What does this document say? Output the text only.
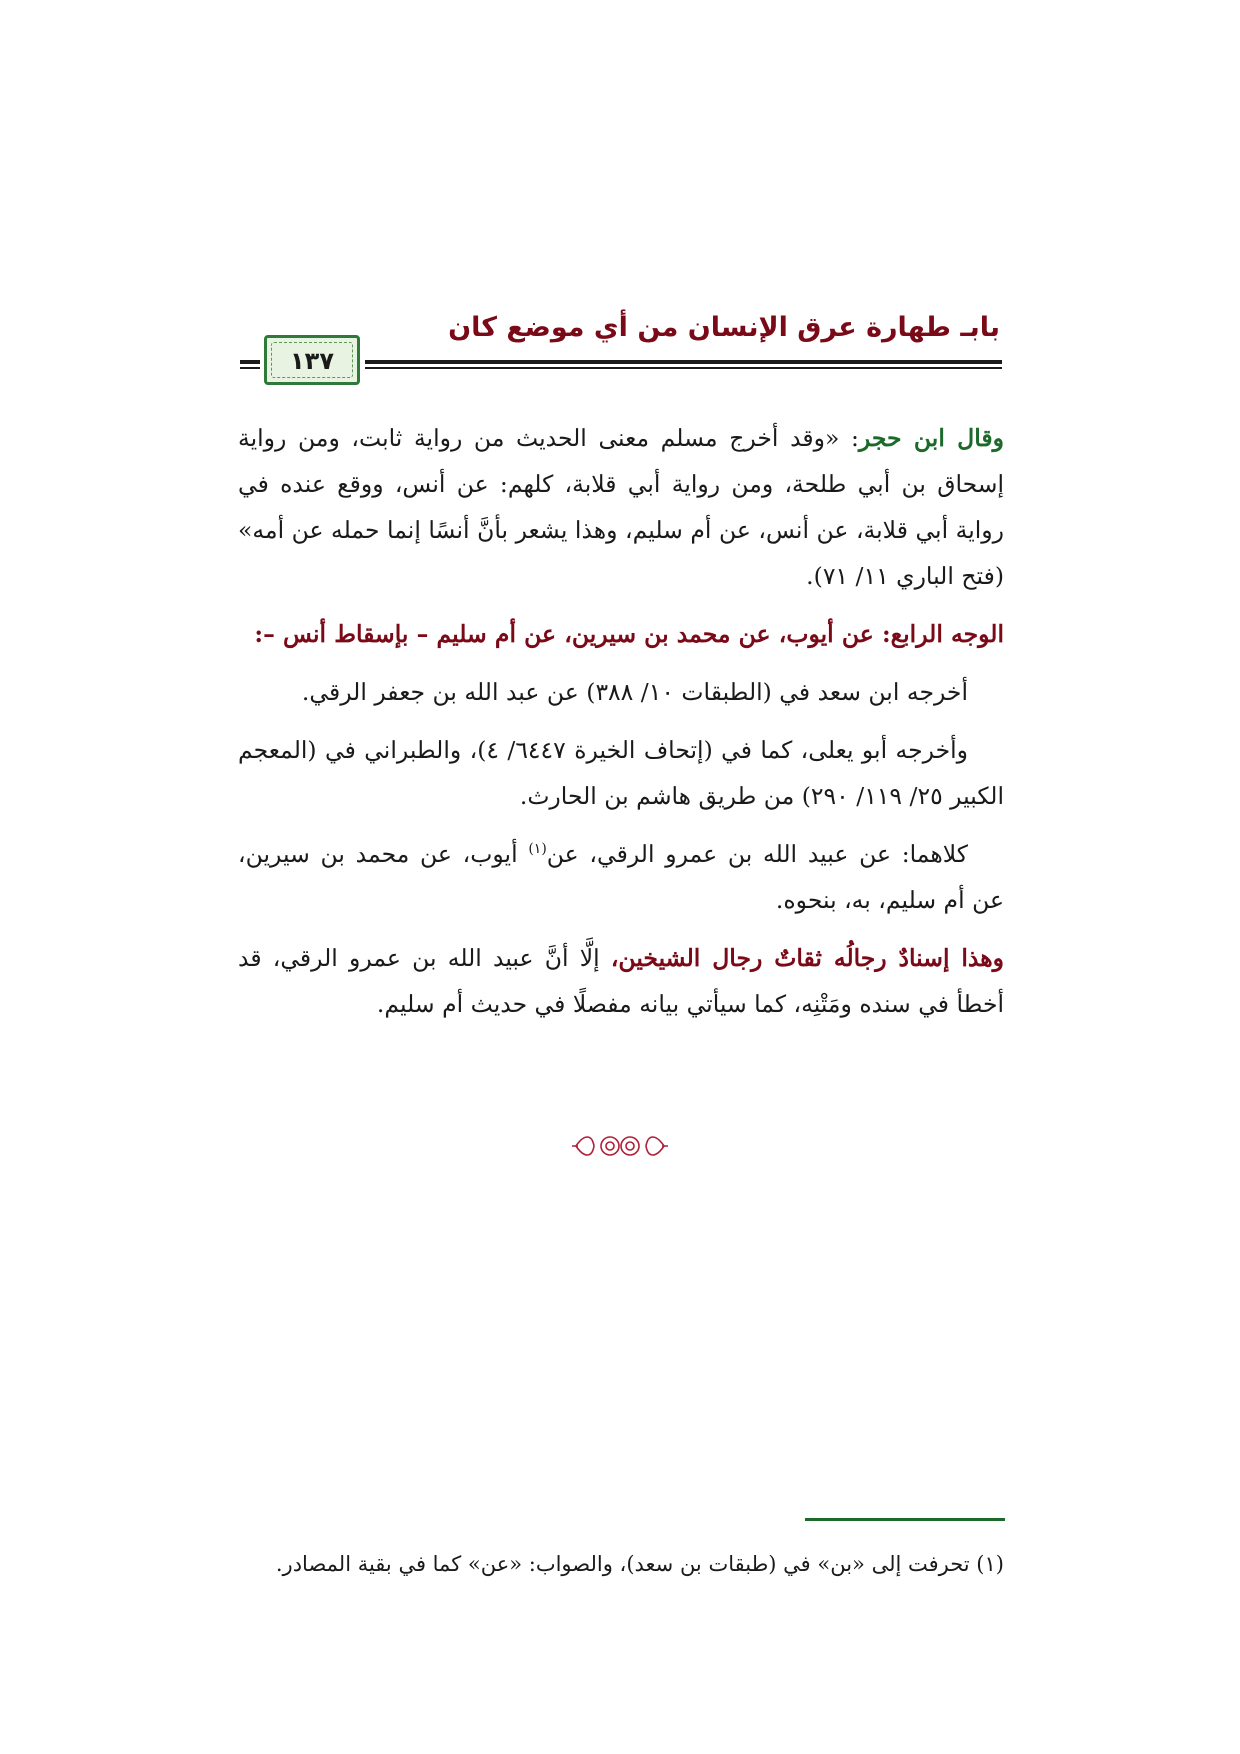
بابـ طهارة عرق الإنسان من أي موضع كان
١٣٧

وقال ابن حجر: «وقد أخرج مسلم معنى الحديث من رواية ثابت، ومن رواية إسحاق بن أبي طلحة، ومن رواية أبي قلابة، كلهم: عن أنس، ووقع عنده في رواية أبي قلابة، عن أنس، عن أم سليم، وهذا يشعر بأنَّ أنسًا إنما حمله عن أمه» (فتح الباري ١١/ ٧١).

الوجه الرابع: عن أيوب، عن محمد بن سيرين، عن أم سليم – بإسقاط أنس –:

أخرجه ابن سعد في (الطبقات ١٠/ ٣٨٨) عن عبد الله بن جعفر الرقي.

وأخرجه أبو يعلى، كما في (إتحاف الخيرة ٦٤٤٧/ ٤)، والطبراني في (المعجم الكبير ٢٥/ ١١٩/ ٢٩٠) من طريق هاشم بن الحارث.

كلاهما: عن عبيد الله بن عمرو الرقي، عن$^{(١)}$ أيوب، عن محمد بن سيرين، عن أم سليم، به، بنحوه.

وهذا إسنادٌ رجالُه ثقاتٌ رجال الشيخين، إلَّا أنَّ عبيد الله بن عمرو الرقي، قد أخطأ في سنده ومَتْنِه، كما سيأتي بيانه مفصلًا في حديث أم سليم.

(١) تحرفت إلى «بن» في (طبقات بن سعد)، والصواب: «عن» كما في بقية المصادر.
